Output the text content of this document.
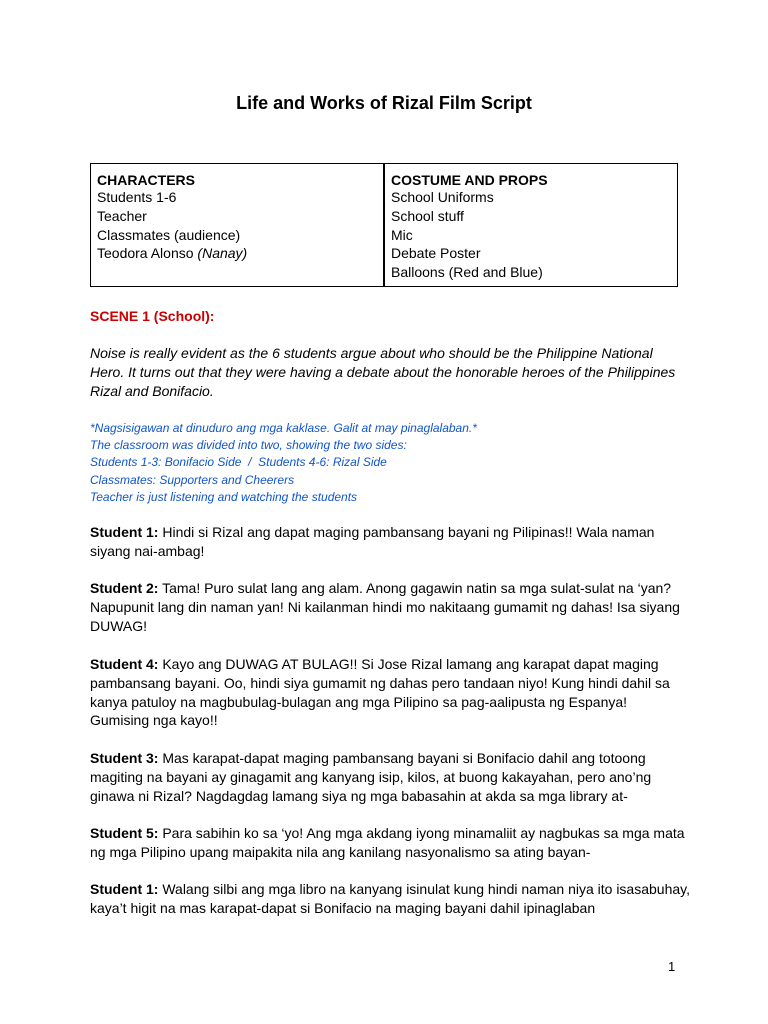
Life and Works of Rizal Film Script
CHARACTERS
Students 1-6
Teacher
Classmates (audience)
Teodora Alonso (Nanay)
COSTUME AND PROPS
School Uniforms
School stuff
Mic
Debate Poster
Balloons (Red and Blue)
SCENE 1 (School):
Noise is really evident as the 6 students argue about who should be the Philippine National Hero. It turns out that they were having a debate about the honorable heroes of the Philippines Rizal and Bonifacio.
*Nagsisigawan at dinuduro ang mga kaklase. Galit at may pinaglalaban.*
The classroom was divided into two, showing the two sides:
Students 1-3: Bonifacio Side  /  Students 4-6: Rizal Side
Classmates: Supporters and Cheerers
Teacher is just listening and watching the students
Student 1: Hindi si Rizal ang dapat maging pambansang bayani ng Pilipinas!! Wala naman siyang nai-ambag!
Student 2: Tama! Puro sulat lang ang alam. Anong gagawin natin sa mga sulat-sulat na ‘yan? Napupunit lang din naman yan! Ni kailanman hindi mo nakitaang gumamit ng dahas! Isa siyang DUWAG!
Student 4: Kayo ang DUWAG AT BULAG!! Si Jose Rizal lamang ang karapat dapat maging pambansang bayani. Oo, hindi siya gumamit ng dahas pero tandaan niyo! Kung hindi dahil sa kanya patuloy na magbubulag-bulagan ang mga Pilipino sa pag-aalipusta ng Espanya! Gumising nga kayo!!
Student 3: Mas karapat-dapat maging pambansang bayani si Bonifacio dahil ang totoong magiting na bayani ay ginagamit ang kanyang isip, kilos, at buong kakayahan, pero ano’ng ginawa ni Rizal? Nagdagdag lamang siya ng mga babasahin at akda sa mga library at-
Student 5: Para sabihin ko sa ‘yo! Ang mga akdang iyong minamaliit ay nagbukas sa mga mata ng mga Pilipino upang maipakita nila ang kanilang nasyonalismo sa ating bayan-
Student 1: Walang silbi ang mga libro na kanyang isinulat kung hindi naman niya ito isasabuhay, kaya’t higit na mas karapat-dapat si Bonifacio na maging bayani dahil ipinaglaban
1
